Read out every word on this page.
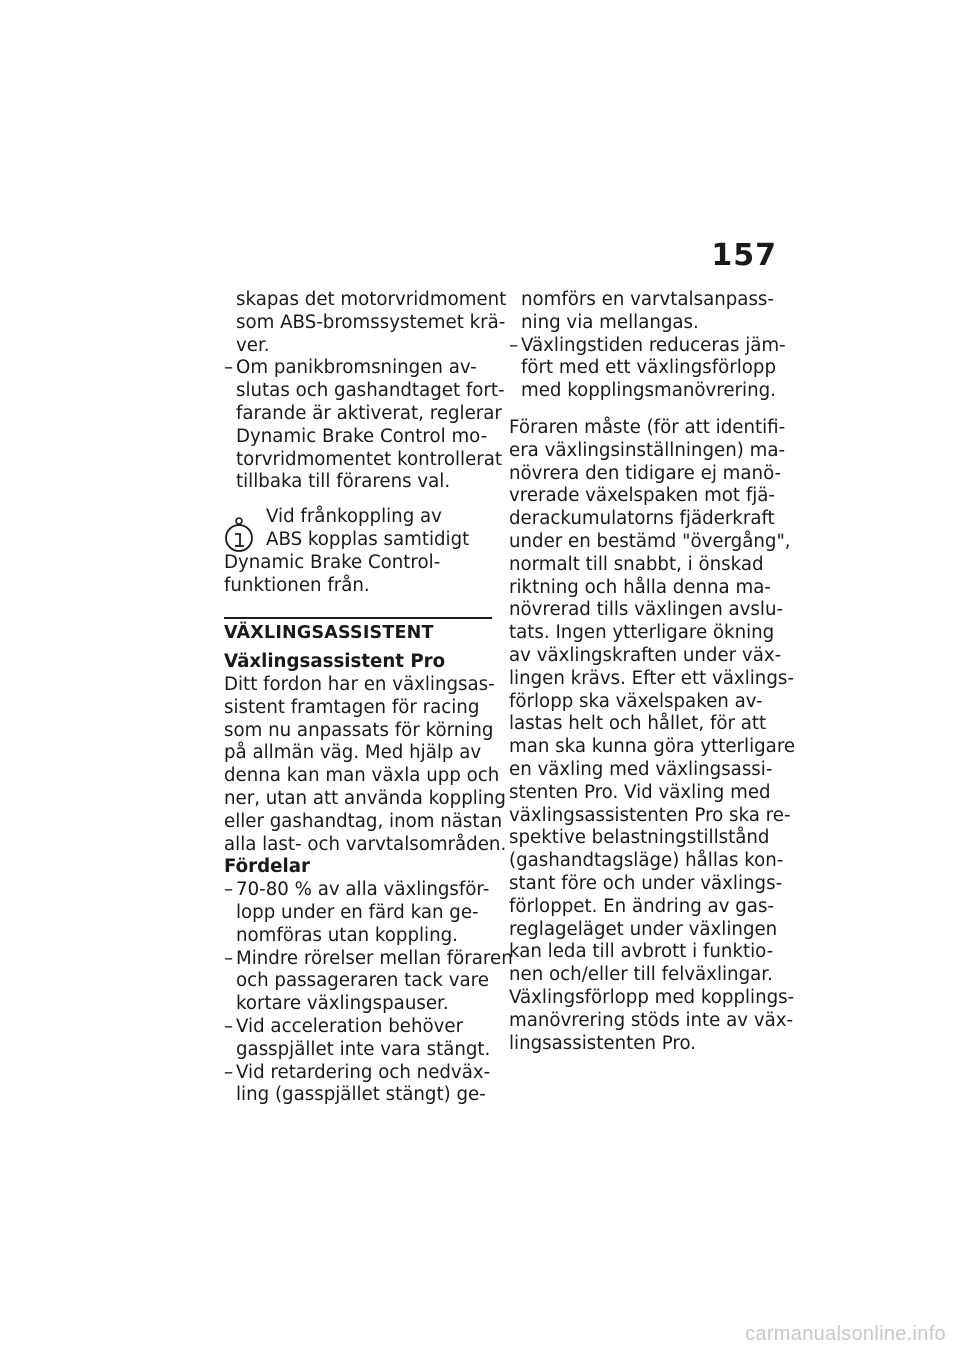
157
skapas det motorvridmoment
som ABS-bromssystemet krä-
ver.
– Om panikbromsningen av-
slutas och gashandtaget fort-
farande är aktiverat, reglerar
Dynamic Brake Control mo-
torvridmomentet kontrollerat
tillbaka till förarens val.
Vid frånkoppling av
ABS kopplas samtidigt
Dynamic Brake Control-
funktionen från.
VÄXLINGSASSISTENT
Växlingsassistent Pro
Ditt fordon har en växlingsas-
sistent framtagen för racing
som nu anpassats för körning
på allmän väg. Med hjälp av
denna kan man växla upp och
ner, utan att använda koppling
eller gashandtag, inom nästan
alla last- och varvtalsområden.
Fördelar
– 70-80 % av alla växlingsför-
lopp under en färd kan ge-
nomföras utan koppling.
– Mindre rörelser mellan föraren
och passageraren tack vare
kortare växlingspauser.
– Vid acceleration behöver
gasspjället inte vara stängt.
– Vid retardering och nedväx-
ling (gasspjället stängt) ge-
nomförs en varvtalsanpass-
ning via mellangas.
– Växlingstiden reduceras jäm-
fört med ett växlingsförlopp
med kopplingsmanövrering.
Föraren måste (för att identifi-
era växlingsinställningen) ma-
növrera den tidigare ej manö-
vrerade växelspaken mot fjä-
derackumulatorns fjäderkraft
under en bestämd "övergång",
normalt till snabbt, i önskad
riktning och hålla denna ma-
növrerad tills växlingen avslu-
tats. Ingen ytterligare ökning
av växlingskraften under väx-
lingen krävs. Efter ett växlings-
förlopp ska växelspaken av-
lastas helt och hållet, för att
man ska kunna göra ytterligare
en växling med växlingsassi-
stenten Pro. Vid växling med
växlingsassistenten Pro ska re-
spektive belastningstillstånd
(gashandtagsläge) hållas kon-
stant före och under växlings-
förloppet. En ändring av gas-
reglageläget under växlingen
kan leda till avbrott i funktio-
nen och/eller till felväxlingar.
Växlingsförlopp med kopplings-
manövrering stöds inte av väx-
lingsassistenten Pro.
carmanualsonline.info
